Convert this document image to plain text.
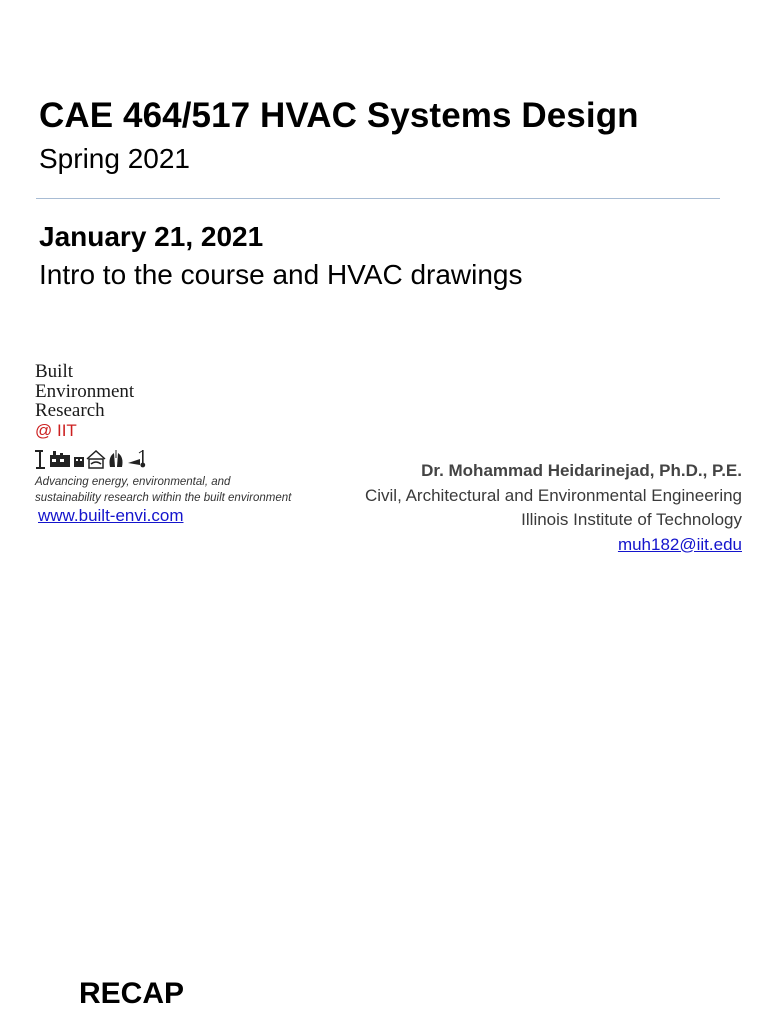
CAE 464/517 HVAC Systems Design
Spring 2021
January 21, 2021
Intro to the course and HVAC drawings
Built
Environment
Research
@ IIT
Advancing energy, environmental, and
sustainability research within the built environment
www.built-envi.com
Dr. Mohammad Heidarinejad, Ph.D., P.E.
Civil, Architectural and Environmental Engineering
Illinois Institute of Technology
muh182@iit.edu
RECAP
